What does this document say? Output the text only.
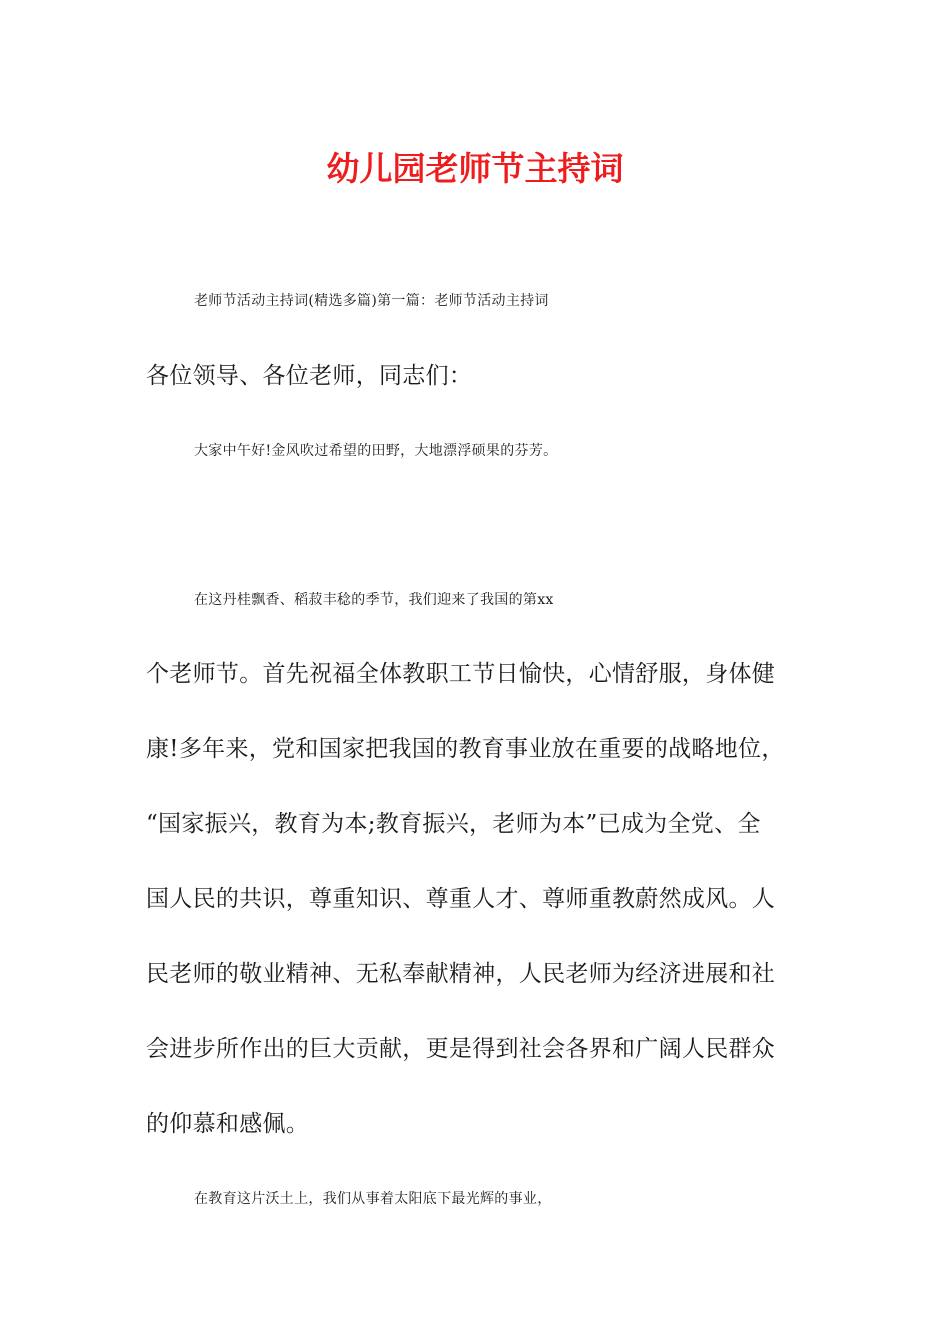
幼儿园老师节主持词

老师节活动主持词(精选多篇)第一篇：老师节活动主持词

各位领导、各位老师，同志们：

大家中午好!金风吹过希望的田野，大地漂浮硕果的芬芳。

在这丹桂飘香、稻菽丰稔的季节，我们迎来了我国的第xx

个老师节。首先祝福全体教职工节日愉快，心情舒服，身体健

康!多年来，党和国家把我国的教育事业放在重要的战略地位，

“国家振兴，教育为本;教育振兴，老师为本”已成为全党、全

国人民的共识，尊重知识、尊重人才、尊师重教蔚然成风。人

民老师的敬业精神、无私奉献精神，人民老师为经济进展和社

会进步所作出的巨大贡献，更是得到社会各界和广阔人民群众

的仰慕和感佩。

在教育这片沃土上，我们从事着太阳底下最光辉的事业，
